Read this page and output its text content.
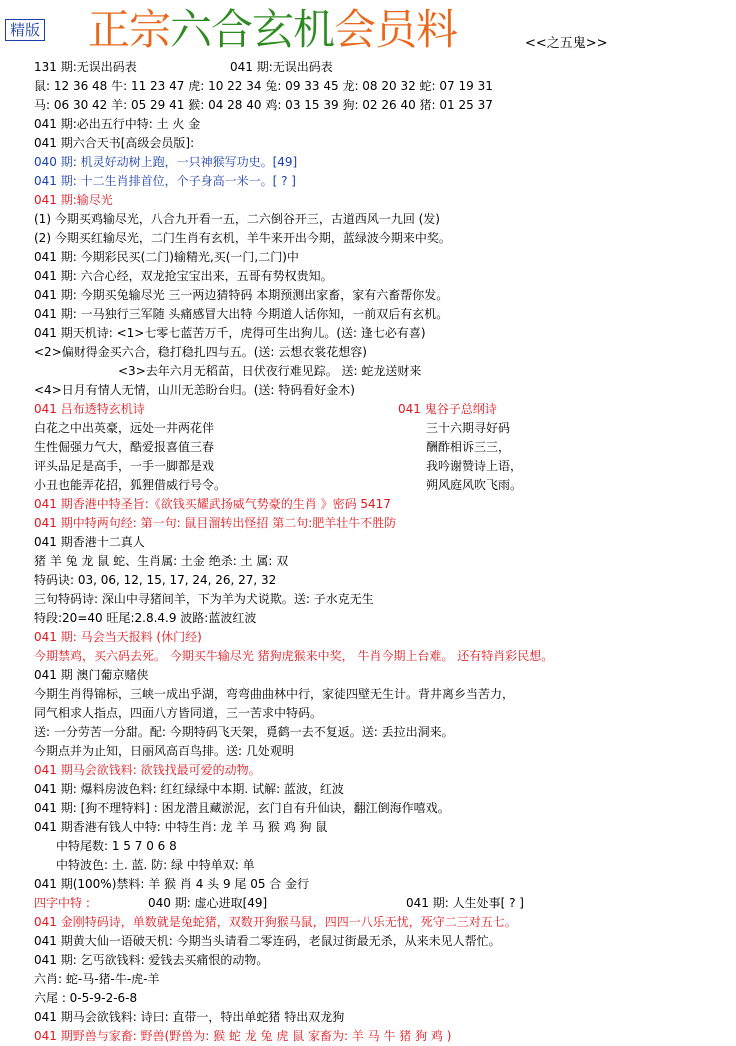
精版 正宗六合玄机会员料	<<之五鬼>>
131 期:无误出码表	041 期:无误出码表
鼠: 12 36 48 牛: 11 23 47 虎: 10 22 34 兔: 09 33 45 龙: 08 20 32 蛇: 07 19 31
马: 06 30 42 羊: 05 29 41 猴: 04 28 40 鸡: 03 15 39 狗: 02 26 40 猪: 01 25 37
041 期:必出五行中特: 土 火 金
041 期六合天书[高级会员版]:
040 期: 机灵好动树上跑，一只神猴写功史。[49]
041 期: 十二生肖排首位，个子身高一米一。[ ? ]
041 期:输尽光
(1) 今期买鸡输尽光，八合九开看一五，二六倒谷开三，古道西风一九回 (发)
(2) 今期买红输尽光，二门生肖有玄机，羊牛来开出今期，蓝绿波今期来中奖。
041 期: 今期彩民买(二门)输精光,买(一门,二门)中
041 期: 六合心经，双龙抢宝宝出来，五哥有势权贵知。
041 期: 今期买兔输尽光 三一两边猜特码 本期预测出家畜，家有六畜帮你发。
041 期: 一马独行三军随 头痛感冒大出特 今期道人话你知，一前双后有玄机。
041 期天机诗: <1>七零七蓝苦万千，虎得可生出狗儿。(送: 逢七必有喜)
<2>偏财得金买六合，稳打稳扎四与五。(送: 云想衣裳花想容)
<3>去年六月无稻苗，日伏夜行难见踪。 送: 蛇龙送财来
<4>日月有情人无情，山川无恙盼台归。(送: 特码看好金木)
041 吕布透特玄机诗	041 鬼谷子总纲诗
白花之中出英豪，远处一井两花伴	三十六期寻好码
生性倔强力气大，酷爱报喜值三春	酬酢相诉三三，
评头品足是高手，一手一脚都是戏	我吟谢赞诗上语，
小丑也能弄花招，狐狸借威行号令。	朔风庭风吹飞雨。
041 期香港中特圣旨:《欲钱买耀武扬威气势豪的生肖 》密码 5417
041 期中特两句经: 第一句: 鼠目溜转出怪招 第二句:肥羊壮牛不胜防
041 期香港十二真人
猪 羊 兔 龙 鼠 蛇、生肖属: 土金 绝杀: 土 属: 双
特码诀: 03, 06, 12, 15, 17, 24, 26, 27, 32
三句特码诗: 深山中寻猪间羊，下为羊为犬说欺。送: 子水克无生
特段:20=40 旺尾:2.8.4.9 波路:蓝波红波
041 期: 马会当天报料 (休门经)
今期禁鸡，买六码去死。 今期买牛输尽光 猪狗虎猴来中奖， 牛肖今期上台难。 还有特肖彩民想。
041 期 澳门葡京赌侠
今期生肖得锦标，三峡一成出乎湖，弯弯曲曲林中行，家徒四壁无生计。背井离乡当苦力，
同气相求人指点，四面八方皆同道，三一苦求中特码。
送: 一分劳苦一分甜。配: 今期特码飞天架，覓鹤一去不复返。送: 丢拉出洞来。
今期点并为止知，日丽风高百鸟排。送: 几处观明
041 期马会欲钱料: 欲钱找最可爱的动物。
041 期: 爆料房波色料: 红红绿绿中本期. 试解: 蓝波，红波
041 期: [狗不理特料] : 困龙潜且藏淤泥，玄门自有升仙诀，翻江倒海作嘻戏。
041 期香港有钱人中特: 中特生肖: 龙 羊 马 猴 鸡 狗 鼠
中特尾数: 1 5 7 0 6 8
中特波色: 土. 蓝. 防: 绿 中特单双: 单
041 期(100%)禁料: 羊 猴 肖 4 头 9 尾 05 合 金行
四字中特 :	040 期: 虚心进取[49]	041 期: 人生处事[ ? ]
041 金刚特码诗，单数就是兔蛇猪，双数开狗猴马鼠，四四一八乐无忧，死守二三对五七。
041 期黄大仙一语破天机: 今期当头请看二零连码，老鼠过街最无杀，从来未见人帮忙。
041 期: 乞丐欲钱料: 爱钱去买痛恨的动物。
六肖: 蛇-马-猪-牛-虎-羊
六尾 : 0-5-9-2-6-8
041 期马会欲钱料: 诗曰: 直带一，特出单蛇猪 特出双龙狗
041 期野兽与家畜: 野兽(野兽为: 猴 蛇 龙 兔 虎 鼠 家畜为: 羊 马 牛 猪 狗 鸡 )
